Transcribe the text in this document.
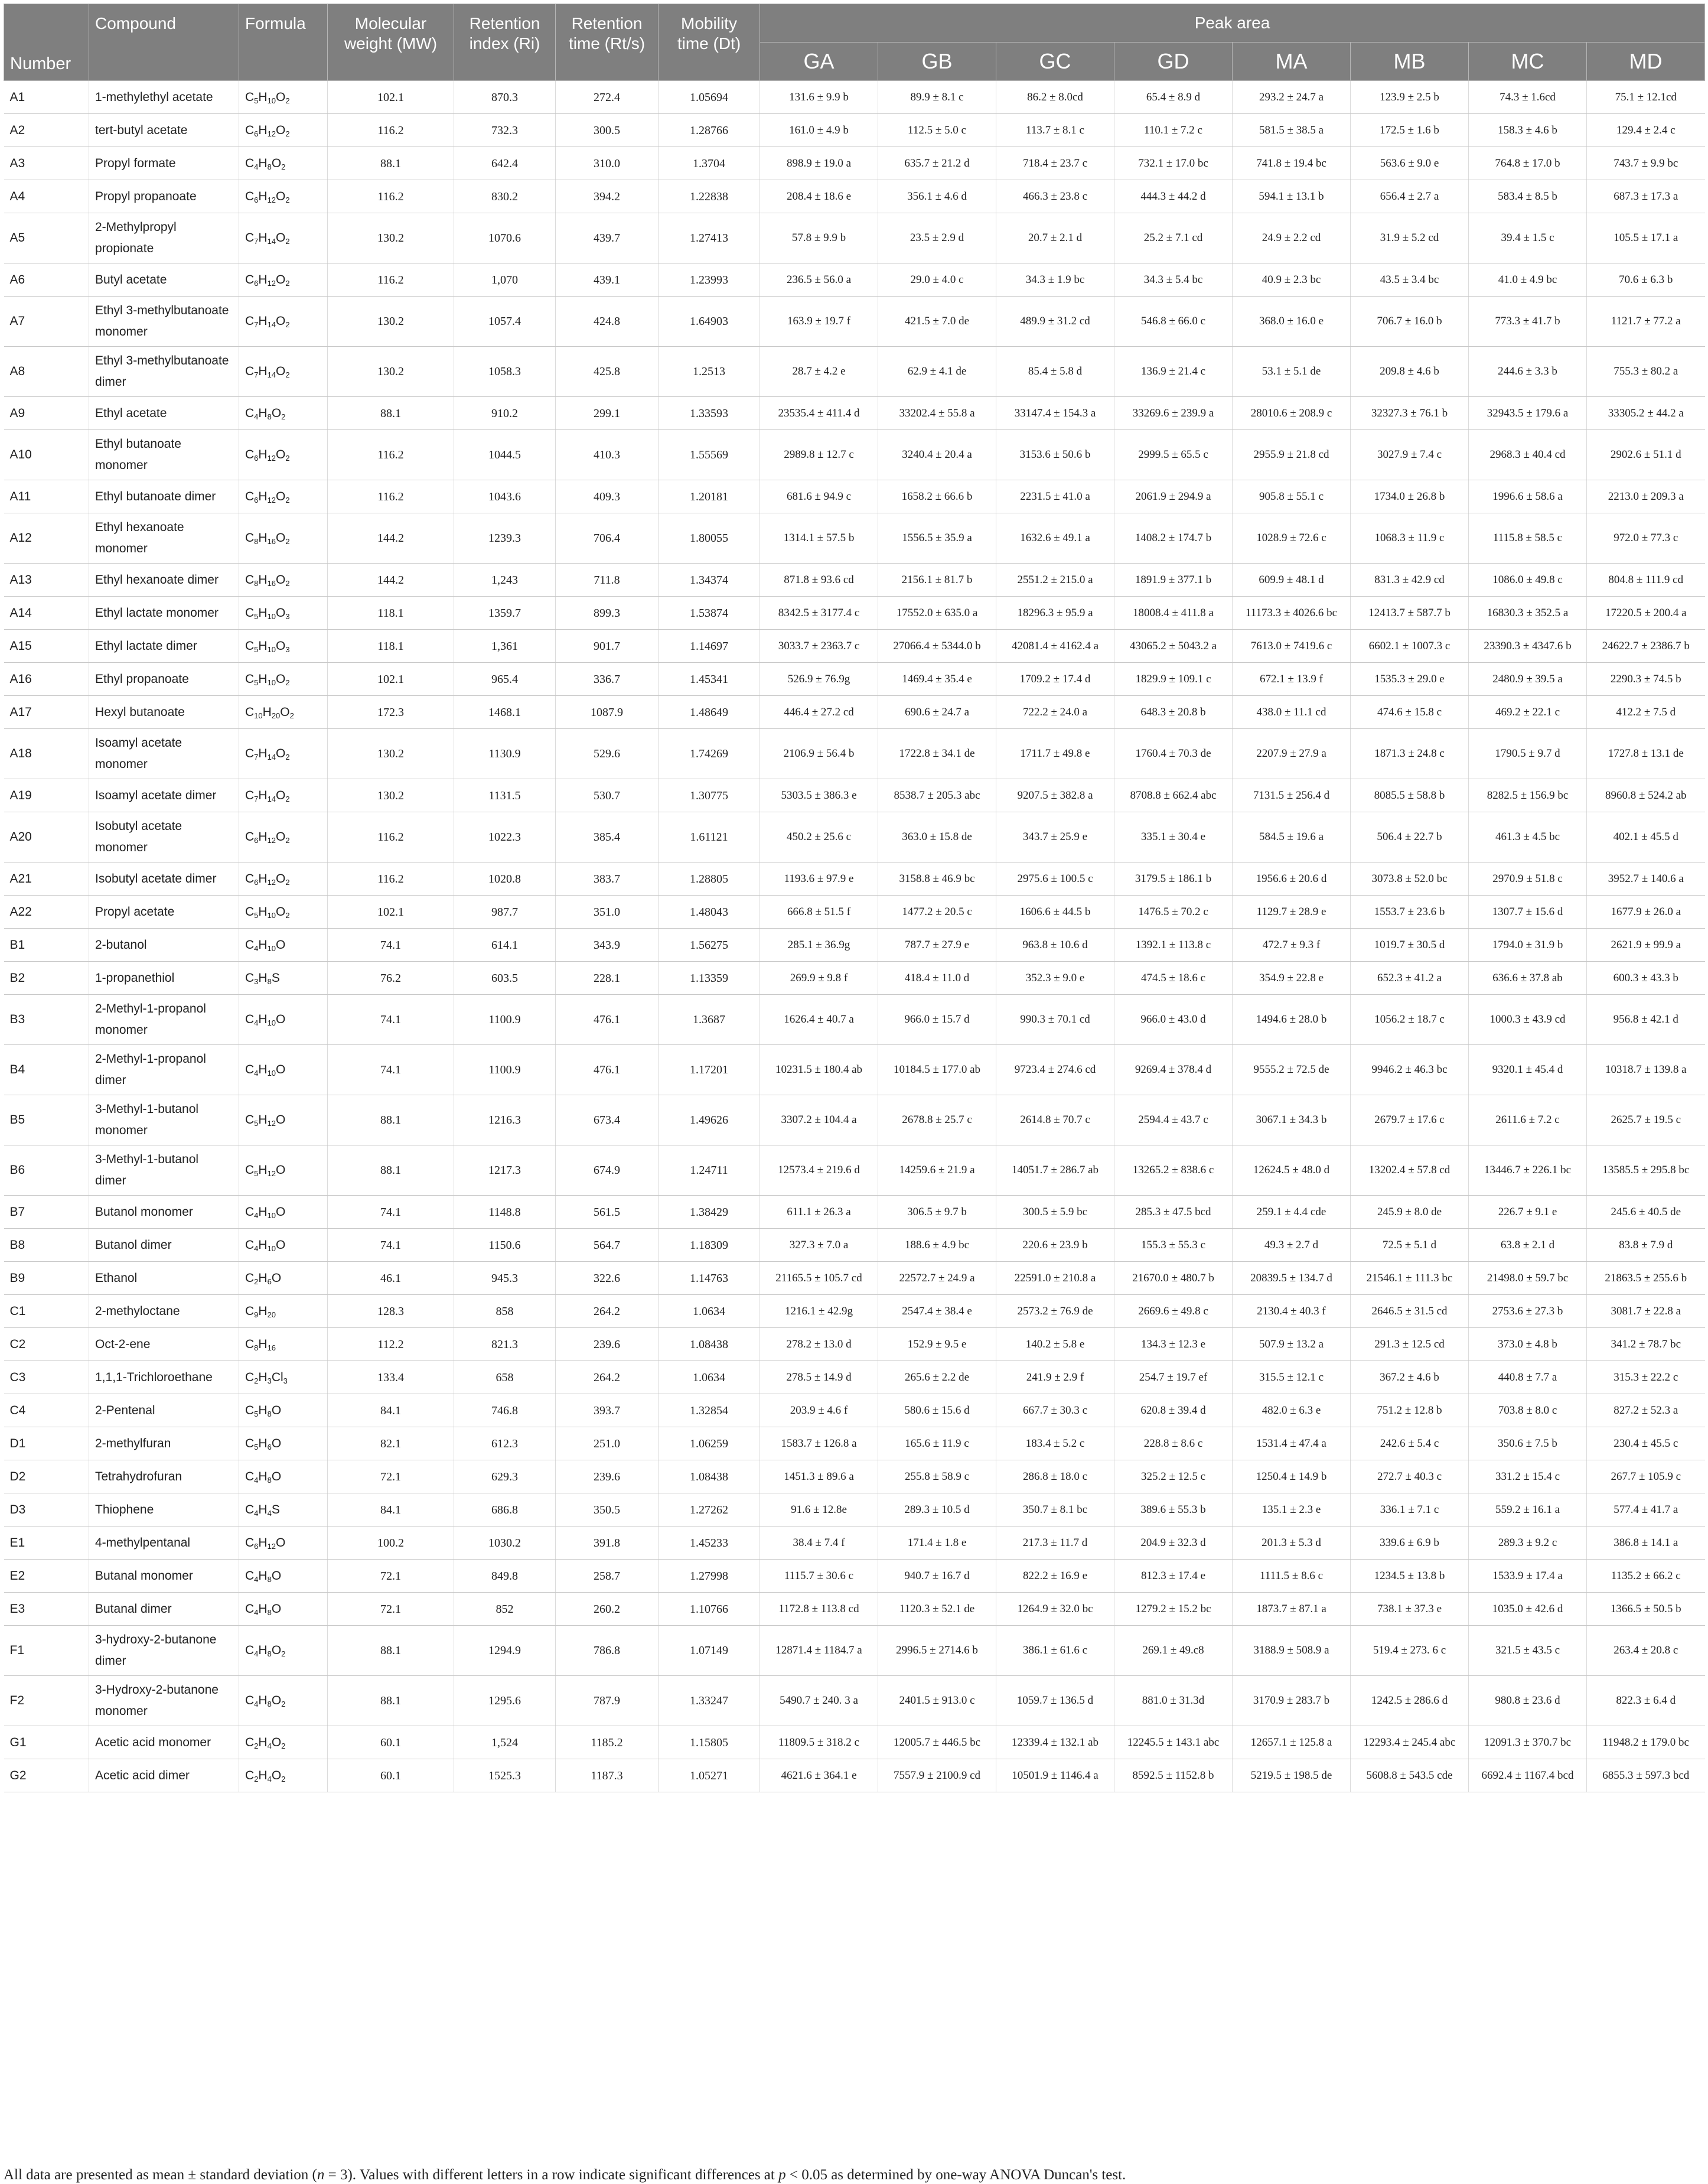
Number	Compound	Formula	Molecular weight (MW)	Retention index (Ri)	Retention time (Rt/s)	Mobility time (Dt)	Peak area							
							GA	GB	GC	GD	MA	MB	MC	MD
A1	1-methylethyl acetate	$C_5H_{10}O_2$	102.1	870.3	272.4	1.05694	131.6 ± 9.9 b	89.9 ± 8.1 c	86.2 ± 8.0cd	65.4 ± 8.9 d	293.2 ± 24.7 a	123.9 ± 2.5 b	74.3 ± 1.6cd	75.1 ± 12.1cd
A2	tert-butyl acetate	$C_6H_{12}O_2$	116.2	732.3	300.5	1.28766	161.0 ± 4.9 b	112.5 ± 5.0 c	113.7 ± 8.1 c	110.1 ± 7.2 c	581.5 ± 38.5 a	172.5 ± 1.6 b	158.3 ± 4.6 b	129.4 ± 2.4 c
A3	Propyl formate	$C_4H_8O_2$	88.1	642.4	310.0	1.3704	898.9 ± 19.0 a	635.7 ± 21.2 d	718.4 ± 23.7 c	732.1 ± 17.0 bc	741.8 ± 19.4 bc	563.6 ± 9.0 e	764.8 ± 17.0 b	743.7 ± 9.9 bc
A4	Propyl propanoate	$C_6H_{12}O_2$	116.2	830.2	394.2	1.22838	208.4 ± 18.6 e	356.1 ± 4.6 d	466.3 ± 23.8 c	444.3 ± 44.2 d	594.1 ± 13.1 b	656.4 ± 2.7 a	583.4 ± 8.5 b	687.3 ± 17.3 a
A5	2-Methylpropyl propionate	$C_7H_{14}O_2$	130.2	1070.6	439.7	1.27413	57.8 ± 9.9 b	23.5 ± 2.9 d	20.7 ± 2.1 d	25.2 ± 7.1 cd	24.9 ± 2.2 cd	31.9 ± 5.2 cd	39.4 ± 1.5 c	105.5 ± 17.1 a
A6	Butyl acetate	$C_6H_{12}O_2$	116.2	1,070	439.1	1.23993	236.5 ± 56.0 a	29.0 ± 4.0 c	34.3 ± 1.9 bc	34.3 ± 5.4 bc	40.9 ± 2.3 bc	43.5 ± 3.4 bc	41.0 ± 4.9 bc	70.6 ± 6.3 b
A7	Ethyl 3-methylbutanoate monomer	$C_7H_{14}O_2$	130.2	1057.4	424.8	1.64903	163.9 ± 19.7 f	421.5 ± 7.0 de	489.9 ± 31.2 cd	546.8 ± 66.0 c	368.0 ± 16.0 e	706.7 ± 16.0 b	773.3 ± 41.7 b	1121.7 ± 77.2 a
A8	Ethyl 3-methylbutanoate dimer	$C_7H_{14}O_2$	130.2	1058.3	425.8	1.2513	28.7 ± 4.2 e	62.9 ± 4.1 de	85.4 ± 5.8 d	136.9 ± 21.4 c	53.1 ± 5.1 de	209.8 ± 4.6 b	244.6 ± 3.3 b	755.3 ± 80.2 a
A9	Ethyl acetate	$C_4H_8O_2$	88.1	910.2	299.1	1.33593	23535.4 ± 411.4 d	33202.4 ± 55.8 a	33147.4 ± 154.3 a	33269.6 ± 239.9 a	28010.6 ± 208.9 c	32327.3 ± 76.1 b	32943.5 ± 179.6 a	33305.2 ± 44.2 a
A10	Ethyl butanoate monomer	$C_6H_{12}O_2$	116.2	1044.5	410.3	1.55569	2989.8 ± 12.7 c	3240.4 ± 20.4 a	3153.6 ± 50.6 b	2999.5 ± 65.5 c	2955.9 ± 21.8 cd	3027.9 ± 7.4 c	2968.3 ± 40.4 cd	2902.6 ± 51.1 d
A11	Ethyl butanoate dimer	$C_6H_{12}O_2$	116.2	1043.6	409.3	1.20181	681.6 ± 94.9 c	1658.2 ± 66.6 b	2231.5 ± 41.0 a	2061.9 ± 294.9 a	905.8 ± 55.1 c	1734.0 ± 26.8 b	1996.6 ± 58.6 a	2213.0 ± 209.3 a
A12	Ethyl hexanoate monomer	$C_8H_{16}O_2$	144.2	1239.3	706.4	1.80055	1314.1 ± 57.5 b	1556.5 ± 35.9 a	1632.6 ± 49.1 a	1408.2 ± 174.7 b	1028.9 ± 72.6 c	1068.3 ± 11.9 c	1115.8 ± 58.5 c	972.0 ± 77.3 c
A13	Ethyl hexanoate dimer	$C_8H_{16}O_2$	144.2	1,243	711.8	1.34374	871.8 ± 93.6 cd	2156.1 ± 81.7 b	2551.2 ± 215.0 a	1891.9 ± 377.1 b	609.9 ± 48.1 d	831.3 ± 42.9 cd	1086.0 ± 49.8 c	804.8 ± 111.9 cd
A14	Ethyl lactate monomer	$C_5H_{10}O_3$	118.1	1359.7	899.3	1.53874	8342.5 ± 3177.4 c	17552.0 ± 635.0 a	18296.3 ± 95.9 a	18008.4 ± 411.8 a	11173.3 ± 4026.6 bc	12413.7 ± 587.7 b	16830.3 ± 352.5 a	17220.5 ± 200.4 a
A15	Ethyl lactate dimer	$C_5H_{10}O_3$	118.1	1,361	901.7	1.14697	3033.7 ± 2363.7 c	27066.4 ± 5344.0 b	42081.4 ± 4162.4 a	43065.2 ± 5043.2 a	7613.0 ± 7419.6 c	6602.1 ± 1007.3 c	23390.3 ± 4347.6 b	24622.7 ± 2386.7 b
A16	Ethyl propanoate	$C_5H_{10}O_2$	102.1	965.4	336.7	1.45341	526.9 ± 76.9g	1469.4 ± 35.4 e	1709.2 ± 17.4 d	1829.9 ± 109.1 c	672.1 ± 13.9 f	1535.3 ± 29.0 e	2480.9 ± 39.5 a	2290.3 ± 74.5 b
A17	Hexyl butanoate	$C_{10}H_{20}O_2$	172.3	1468.1	1087.9	1.48649	446.4 ± 27.2 cd	690.6 ± 24.7 a	722.2 ± 24.0 a	648.3 ± 20.8 b	438.0 ± 11.1 cd	474.6 ± 15.8 c	469.2 ± 22.1 c	412.2 ± 7.5 d
A18	Isoamyl acetate monomer	$C_7H_{14}O_2$	130.2	1130.9	529.6	1.74269	2106.9 ± 56.4 b	1722.8 ± 34.1 de	1711.7 ± 49.8 e	1760.4 ± 70.3 de	2207.9 ± 27.9 a	1871.3 ± 24.8 c	1790.5 ± 9.7 d	1727.8 ± 13.1 de
A19	Isoamyl acetate dimer	$C_7H_{14}O_2$	130.2	1131.5	530.7	1.30775	5303.5 ± 386.3 e	8538.7 ± 205.3 abc	9207.5 ± 382.8 a	8708.8 ± 662.4 abc	7131.5 ± 256.4 d	8085.5 ± 58.8 b	8282.5 ± 156.9 bc	8960.8 ± 524.2 ab
A20	Isobutyl acetate monomer	$C_6H_{12}O_2$	116.2	1022.3	385.4	1.61121	450.2 ± 25.6 c	363.0 ± 15.8 de	343.7 ± 25.9 e	335.1 ± 30.4 e	584.5 ± 19.6 a	506.4 ± 22.7 b	461.3 ± 4.5 bc	402.1 ± 45.5 d
A21	Isobutyl acetate dimer	$C_6H_{12}O_2$	116.2	1020.8	383.7	1.28805	1193.6 ± 97.9 e	3158.8 ± 46.9 bc	2975.6 ± 100.5 c	3179.5 ± 186.1 b	1956.6 ± 20.6 d	3073.8 ± 52.0 bc	2970.9 ± 51.8 c	3952.7 ± 140.6 a
A22	Propyl acetate	$C_5H_{10}O_2$	102.1	987.7	351.0	1.48043	666.8 ± 51.5 f	1477.2 ± 20.5 c	1606.6 ± 44.5 b	1476.5 ± 70.2 c	1129.7 ± 28.9 e	1553.7 ± 23.6 b	1307.7 ± 15.6 d	1677.9 ± 26.0 a
B1	2-butanol	$C_4H_{10}O$	74.1	614.1	343.9	1.56275	285.1 ± 36.9g	787.7 ± 27.9 e	963.8 ± 10.6 d	1392.1 ± 113.8 c	472.7 ± 9.3 f	1019.7 ± 30.5 d	1794.0 ± 31.9 b	2621.9 ± 99.9 a
B2	1-propanethiol	$C_3H_8S$	76.2	603.5	228.1	1.13359	269.9 ± 9.8 f	418.4 ± 11.0 d	352.3 ± 9.0 e	474.5 ± 18.6 c	354.9 ± 22.8 e	652.3 ± 41.2 a	636.6 ± 37.8 ab	600.3 ± 43.3 b
B3	2-Methyl-1-propanol monomer	$C_4H_{10}O$	74.1	1100.9	476.1	1.3687	1626.4 ± 40.7 a	966.0 ± 15.7 d	990.3 ± 70.1 cd	966.0 ± 43.0 d	1494.6 ± 28.0 b	1056.2 ± 18.7 c	1000.3 ± 43.9 cd	956.8 ± 42.1 d
B4	2-Methyl-1-propanol dimer	$C_4H_{10}O$	74.1	1100.9	476.1	1.17201	10231.5 ± 180.4 ab	10184.5 ± 177.0 ab	9723.4 ± 274.6 cd	9269.4 ± 378.4 d	9555.2 ± 72.5 de	9946.2 ± 46.3 bc	9320.1 ± 45.4 d	10318.7 ± 139.8 a
B5	3-Methyl-1-butanol monomer	$C_5H_{12}O$	88.1	1216.3	673.4	1.49626	3307.2 ± 104.4 a	2678.8 ± 25.7 c	2614.8 ± 70.7 c	2594.4 ± 43.7 c	3067.1 ± 34.3 b	2679.7 ± 17.6 c	2611.6 ± 7.2 c	2625.7 ± 19.5 c
B6	3-Methyl-1-butanol dimer	$C_5H_{12}O$	88.1	1217.3	674.9	1.24711	12573.4 ± 219.6 d	14259.6 ± 21.9 a	14051.7 ± 286.7 ab	13265.2 ± 838.6 c	12624.5 ± 48.0 d	13202.4 ± 57.8 cd	13446.7 ± 226.1 bc	13585.5 ± 295.8 bc
B7	Butanol monomer	$C_4H_{10}O$	74.1	1148.8	561.5	1.38429	611.1 ± 26.3 a	306.5 ± 9.7 b	300.5 ± 5.9 bc	285.3 ± 47.5 bcd	259.1 ± 4.4 cde	245.9 ± 8.0 de	226.7 ± 9.1 e	245.6 ± 40.5 de
B8	Butanol dimer	$C_4H_{10}O$	74.1	1150.6	564.7	1.18309	327.3 ± 7.0 a	188.6 ± 4.9 bc	220.6 ± 23.9 b	155.3 ± 55.3 c	49.3 ± 2.7 d	72.5 ± 5.1 d	63.8 ± 2.1 d	83.8 ± 7.9 d
B9	Ethanol	$C_2H_6O$	46.1	945.3	322.6	1.14763	21165.5 ± 105.7 cd	22572.7 ± 24.9 a	22591.0 ± 210.8 a	21670.0 ± 480.7 b	20839.5 ± 134.7 d	21546.1 ± 111.3 bc	21498.0 ± 59.7 bc	21863.5 ± 255.6 b
C1	2-methyloctane	$C_9H_{20}$	128.3	858	264.2	1.0634	1216.1 ± 42.9g	2547.4 ± 38.4 e	2573.2 ± 76.9 de	2669.6 ± 49.8 c	2130.4 ± 40.3 f	2646.5 ± 31.5 cd	2753.6 ± 27.3 b	3081.7 ± 22.8 a
C2	Oct-2-ene	$C_8H_{16}$	112.2	821.3	239.6	1.08438	278.2 ± 13.0 d	152.9 ± 9.5 e	140.2 ± 5.8 e	134.3 ± 12.3 e	507.9 ± 13.2 a	291.3 ± 12.5 cd	373.0 ± 4.8 b	341.2 ± 78.7 bc
C3	1,1,1-Trichloroethane	$C_2H_3Cl_3$	133.4	658	264.2	1.0634	278.5 ± 14.9 d	265.6 ± 2.2 de	241.9 ± 2.9 f	254.7 ± 19.7 ef	315.5 ± 12.1 c	367.2 ± 4.6 b	440.8 ± 7.7 a	315.3 ± 22.2 c
C4	2-Pentenal	$C_5H_8O$	84.1	746.8	393.7	1.32854	203.9 ± 4.6 f	580.6 ± 15.6 d	667.7 ± 30.3 c	620.8 ± 39.4 d	482.0 ± 6.3 e	751.2 ± 12.8 b	703.8 ± 8.0 c	827.2 ± 52.3 a
D1	2-methylfuran	$C_5H_6O$	82.1	612.3	251.0	1.06259	1583.7 ± 126.8 a	165.6 ± 11.9 c	183.4 ± 5.2 c	228.8 ± 8.6 c	1531.4 ± 47.4 a	242.6 ± 5.4 c	350.6 ± 7.5 b	230.4 ± 45.5 c
D2	Tetrahydrofuran	$C_4H_8O$	72.1	629.3	239.6	1.08438	1451.3 ± 89.6 a	255.8 ± 58.9 c	286.8 ± 18.0 c	325.2 ± 12.5 c	1250.4 ± 14.9 b	272.7 ± 40.3 c	331.2 ± 15.4 c	267.7 ± 105.9 c
D3	Thiophene	$C_4H_4S$	84.1	686.8	350.5	1.27262	91.6 ± 12.8e	289.3 ± 10.5 d	350.7 ± 8.1 bc	389.6 ± 55.3 b	135.1 ± 2.3 e	336.1 ± 7.1 c	559.2 ± 16.1 a	577.4 ± 41.7 a
E1	4-methylpentanal	$C_6H_{12}O$	100.2	1030.2	391.8	1.45233	38.4 ± 7.4 f	171.4 ± 1.8 e	217.3 ± 11.7 d	204.9 ± 32.3 d	201.3 ± 5.3 d	339.6 ± 6.9 b	289.3 ± 9.2 c	386.8 ± 14.1 a
E2	Butanal monomer	$C_4H_8O$	72.1	849.8	258.7	1.27998	1115.7 ± 30.6 c	940.7 ± 16.7 d	822.2 ± 16.9 e	812.3 ± 17.4 e	1111.5 ± 8.6 c	1234.5 ± 13.8 b	1533.9 ± 17.4 a	1135.2 ± 66.2 c
E3	Butanal dimer	$C_4H_8O$	72.1	852	260.2	1.10766	1172.8 ± 113.8 cd	1120.3 ± 52.1 de	1264.9 ± 32.0 bc	1279.2 ± 15.2 bc	1873.7 ± 87.1 a	738.1 ± 37.3 e	1035.0 ± 42.6 d	1366.5 ± 50.5 b
F1	3-hydroxy-2-butanone dimer	$C_4H_8O_2$	88.1	1294.9	786.8	1.07149	12871.4 ± 1184.7 a	2996.5 ± 2714.6 b	386.1 ± 61.6 c	269.1 ± 49.c8	3188.9 ± 508.9 a	519.4 ± 273. 6 c	321.5 ± 43.5 c	263.4 ± 20.8 c
F2	3-Hydroxy-2-butanone monomer	$C_4H_8O_2$	88.1	1295.6	787.9	1.33247	5490.7 ± 240. 3 a	2401.5 ± 913.0 c	1059.7 ± 136.5 d	881.0 ± 31.3d	3170.9 ± 283.7 b	1242.5 ± 286.6 d	980.8 ± 23.6 d	822.3 ± 6.4 d
G1	Acetic acid monomer	$C_2H_4O_2$	60.1	1,524	1185.2	1.15805	11809.5 ± 318.2 c	12005.7 ± 446.5 bc	12339.4 ± 132.1 ab	12245.5 ± 143.1 abc	12657.1 ± 125.8 a	12293.4 ± 245.4 abc	12091.3 ± 370.7 bc	11948.2 ± 179.0 bc
G2	Acetic acid dimer	$C_2H_4O_2$	60.1	1525.3	1187.3	1.05271	4621.6 ± 364.1 e	7557.9 ± 2100.9 cd	10501.9 ± 1146.4 a	8592.5 ± 1152.8 b	5219.5 ± 198.5 de	5608.8 ± 543.5 cde	6692.4 ± 1167.4 bcd	6855.3 ± 597.3 bcd
All data are presented as mean ± standard deviation (n = 3). Values with different letters in a row indicate significant differences at p < 0.05 as determined by one-way ANOVA Duncan's test.
